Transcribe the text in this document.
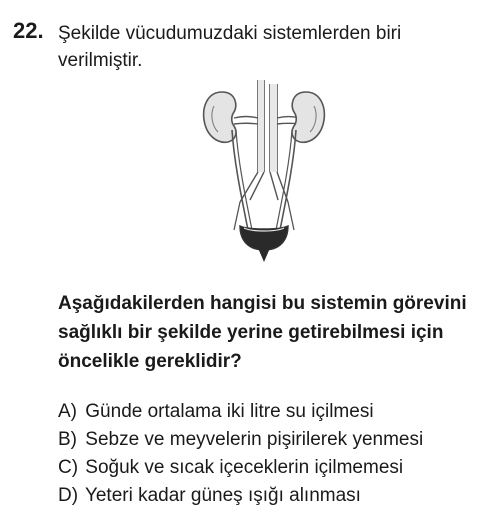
22. Şekilde vücudumuzdaki sistemlerden biri verilmiştir.
Aşağıdakilerden hangisi bu sistemin görevini sağlıklı bir şekilde yerine getirebilmesi için öncelikle gereklidir?
A) Günde ortalama iki litre su içilmesi
B) Sebze ve meyvelerin pişirilerek yenmesi
C) Soğuk ve sıcak içeceklerin içilmemesi
D) Yeteri kadar güneş ışığı alınması
